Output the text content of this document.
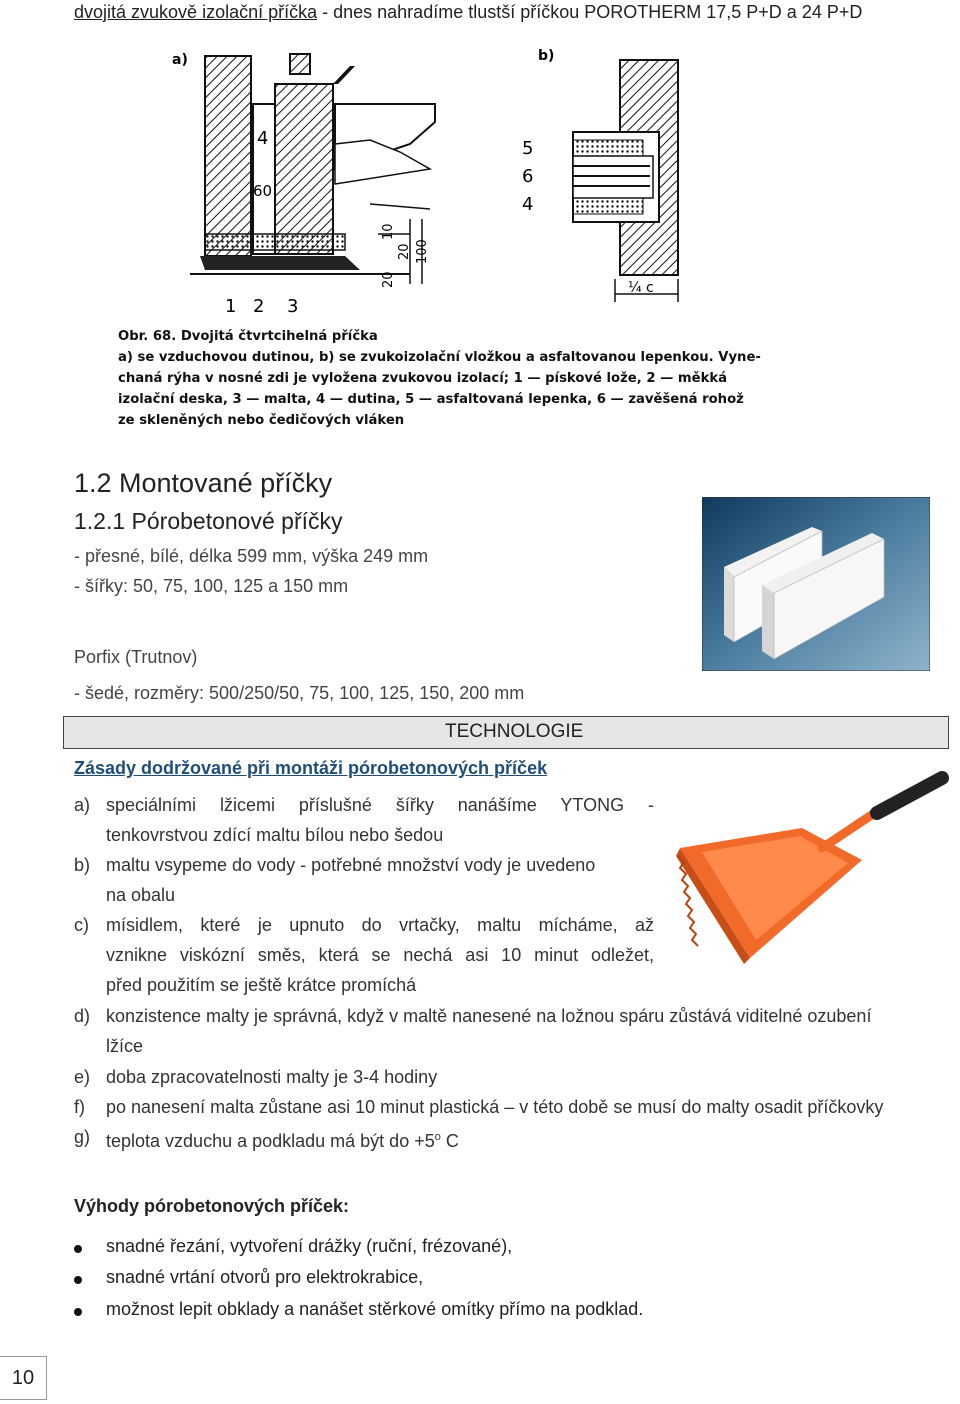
dvojitá zvukově izolační příčka - dnes nahradíme tlustší příčkou POROTHERM 17,5 P+D a 24 P+D
a)
4
60
1 2 3
20
10
20 100
b)
5
6
4
¼ c
Obr. 68. Dvojitá čtvrtcihelná příčka
a) se vzduchovou dutinou, b) se zvukoizolační vložkou a asfaltovanou lepenkou. Vyne-
chaná rýha v nosné zdi je vyložena zvukovou izolací; 1 — pískové lože, 2 — měkká
izolační deska, 3 — malta, 4 — dutina, 5 — asfaltovaná lepenka, 6 — zavěšená rohož
ze skleněných nebo čedičových vláken
1.2 Montované příčky
1.2.1 Pórobetonové příčky
- přesné, bílé, délka 599 mm, výška 249 mm
- šířky: 50, 75, 100, 125 a 150 mm
Porfix (Trutnov)
- šedé, rozměry: 500/250/50, 75, 100, 125, 150, 200 mm
TECHNOLOGIE
Zásady dodržované při montáži pórobetonových příček
a) speciálními lžicemi příslušné šířky nanášíme YTONG -
tenkovrstvou zdící maltu bílou nebo šedou
b) maltu vsypeme do vody - potřebné množství vody je uvedeno
na obalu
c) mísidlem, které je upnuto do vrtačky, maltu mícháme, až
vznikne viskózní směs, která se nechá asi 10 minut odležet,
před použitím se ještě krátce promíchá
d) konzistence malty je správná, když v maltě nanesené na ložnou spáru zůstává viditelné ozubení
lžíce
e) doba zpracovatelnosti malty je 3-4 hodiny
f)	po nanesení malta zůstane asi 10 minut plastická – v této době se musí do malty osadit příčkovky
g) teplota vzduchu a podkladu má být do $+5^o$ C
Výhody pórobetonových příček:
snadné řezání, vytvoření drážky (ruční, frézované),
snadné vrtání otvorů pro elektrokrabice,
možnost lepit obklady a nanášet stěrkové omítky přímo na podklad.
10
